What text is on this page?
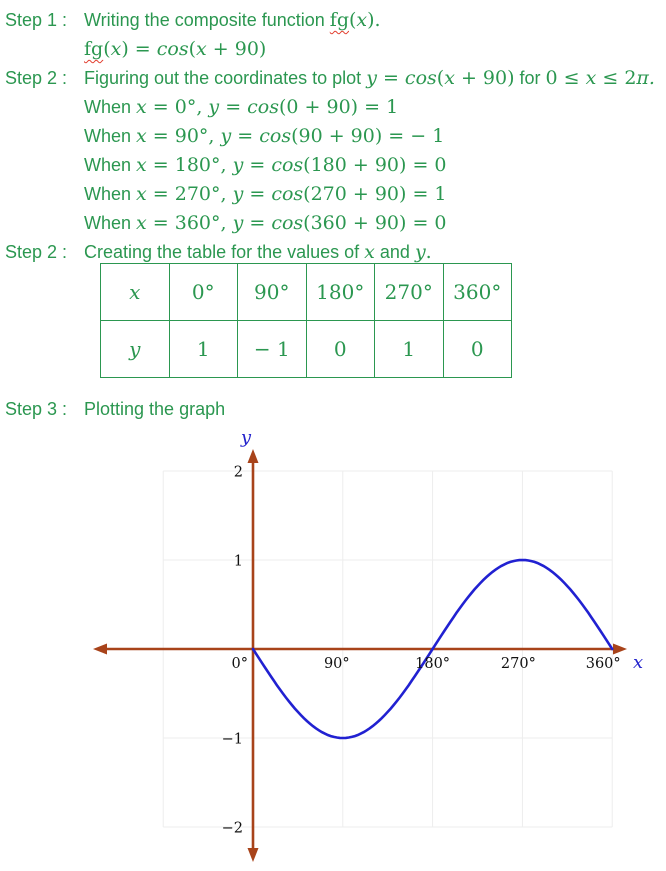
Step 1 : Writing the composite function fg(x).
fg(x) = cos(x + 90)
Step 2 : Figuring out the coordinates to plot y = cos(x + 90) for 0 ≤ x ≤ 2π.
When x = 0°, y = cos(0 + 90) = 1
When x = 90°, y = cos(90 + 90) = − 1
When x = 180°, y = cos(180 + 90) = 0
When x = 270°, y = cos(270 + 90) = 1
When x = 360°, y = cos(360 + 90) = 0
Step 2 : Creating the table for the values of x and y.
Step 3 : Plotting the graph
x	0°	90°	180°	270°	360°
y	1	− 1	0	1	0
0°	90°	180°	270°	360°
2
1
−1
−2
y
x
